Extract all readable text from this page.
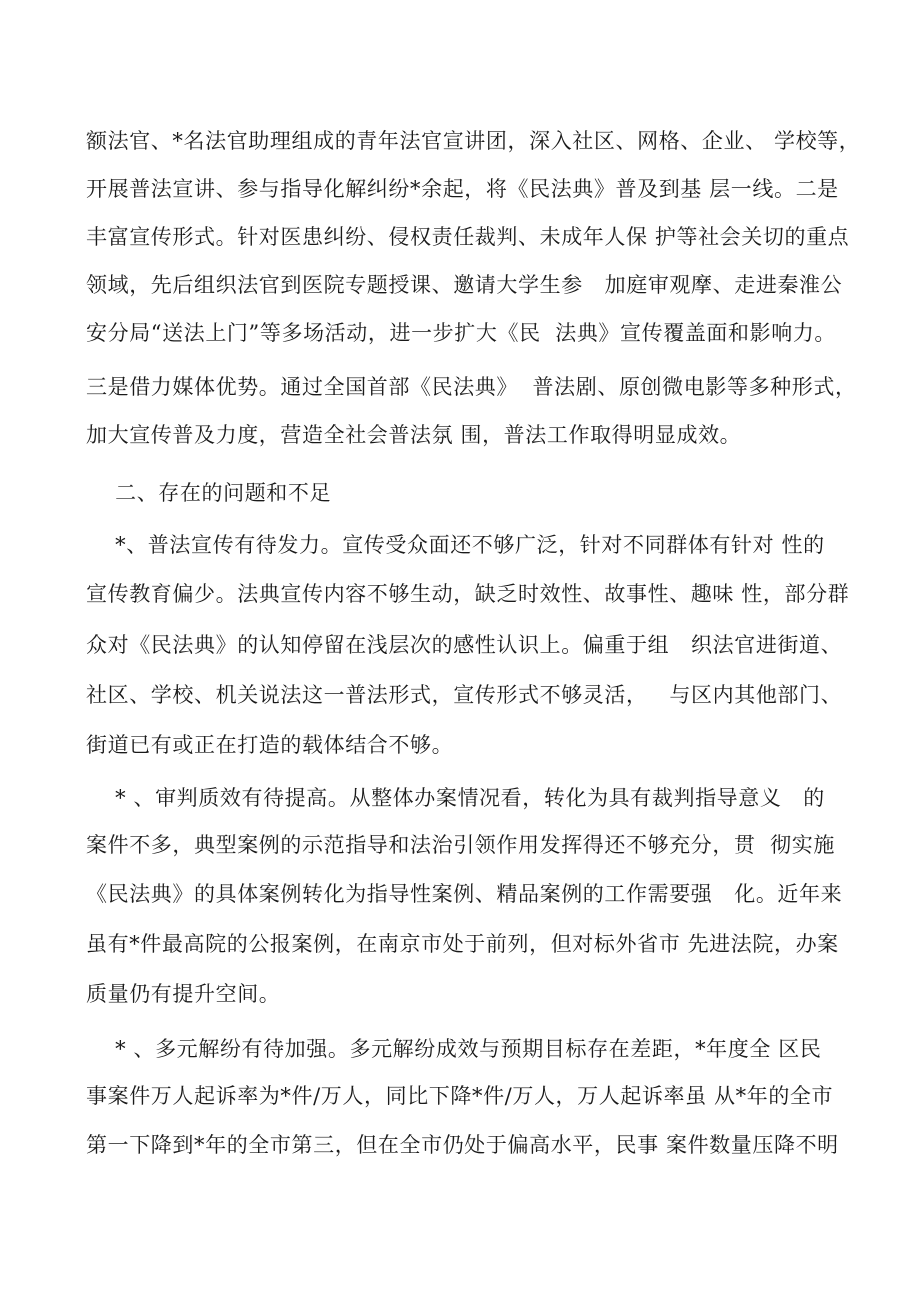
额法官、*名法官助理组成的青年法官宣讲团，深入社区、网格、企业、 学校等，
开展普法宣讲、参与指导化解纠纷*余起，将《民法典》普及到基 层一线。二是
丰富宣传形式。针对医患纠纷、侵权责任裁判、未成年人保 护等社会关切的重点
领域，先后组织法官到医院专题授课、邀请大学生参   加庭审观摩、走进秦淮公
安分局“送法上门”等多场活动，进一步扩大《民  法典》宣传覆盖面和影响力。
三是借力媒体优势。通过全国首部《民法典》  普法剧、原创微电影等多种形式，
加大宣传普及力度，营造全社会普法氛 围，普法工作取得明显成效。
二、存在的问题和不足
*、普法宣传有待发力。宣传受众面还不够广泛，针对不同群体有针对 性的
宣传教育偏少。法典宣传内容不够生动，缺乏时效性、故事性、趣味 性，部分群
众对《民法典》的认知停留在浅层次的感性认识上。偏重于组   织法官进街道、
社区、学校、机关说法这一普法形式，宣传形式不够灵活，   与区内其他部门、
街道已有或正在打造的载体结合不够。
* 、审判质效有待提高。从整体办案情况看，转化为具有裁判指导意义   的
案件不多，典型案例的示范指导和法治引领作用发挥得还不够充分，贯  彻实施
《民法典》的具体案例转化为指导性案例、精品案例的工作需要强   化。近年来
虽有*件最高院的公报案例，在南京市处于前列，但对标外省市 先进法院，办案
质量仍有提升空间。
* 、多元解纷有待加强。多元解纷成效与预期目标存在差距，*年度全 区民
事案件万人起诉率为*件/万人，同比下降*件/万人，万人起诉率虽 从*年的全市
第一下降到*年的全市第三，但在全市仍处于偏高水平，民事 案件数量压降不明
